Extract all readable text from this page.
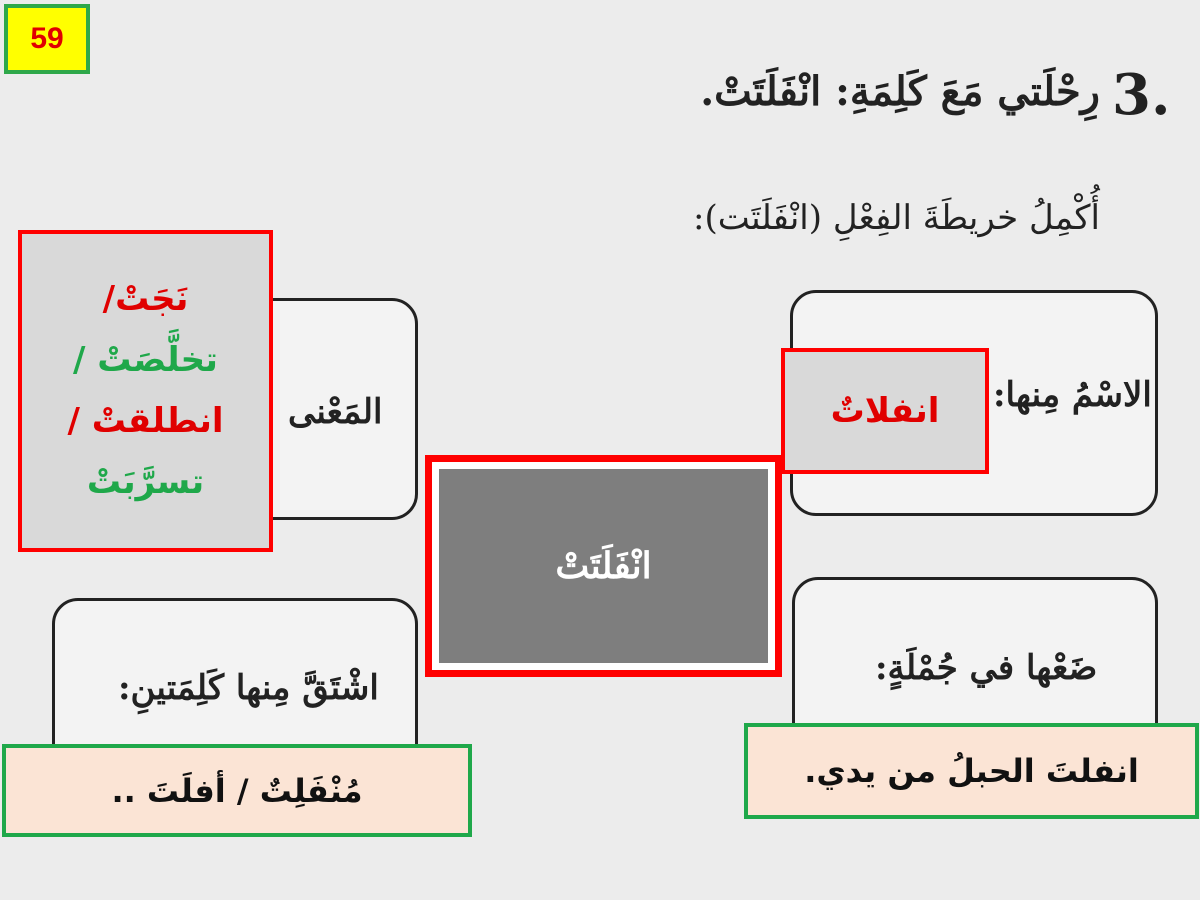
59
3.
رِحْلَتي مَعَ كَلِمَةِ: انْفَلَتَتْ.
أُكْمِلُ خريطَةَ الفِعْلِ (انْفَلَتَت):
المَعْنى	الاسْمُ مِنها:
ضَعْها في جُمْلَةٍ:
اشْتَقَّ مِنها كَلِمَتينِ:
انْفَلَتَتْ
نَجَتْ/
تخلَّصَتْ /
انطلقتْ /
تسرَّبَتْ
انفلاتٌ
انفلتَ الحبلُ من يدي.
مُنْفَلِتٌ / أفلَتَ ..
